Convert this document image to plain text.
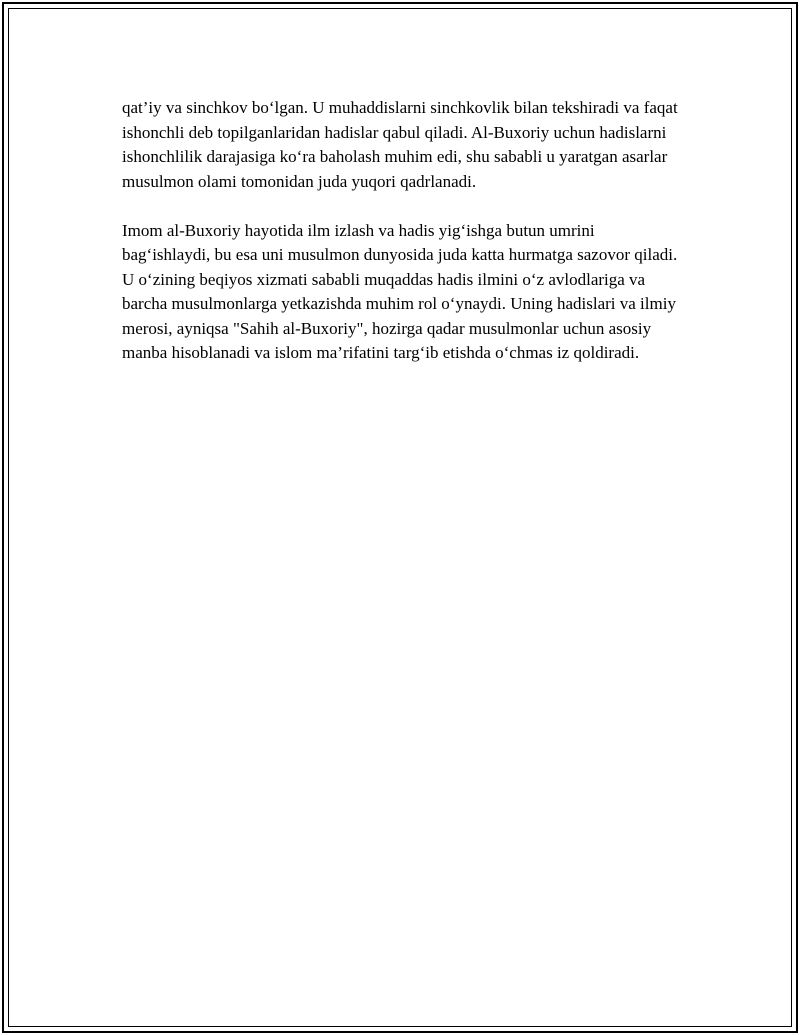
qat’iy va sinchkov bo‘lgan. U muhaddislarni sinchkovlik bilan tekshiradi va faqat ishonchli deb topilganlaridan hadislar qabul qiladi. Al-Buxoriy uchun hadislarni ishonchlilik darajasiga ko‘ra baholash muhim edi, shu sababli u yaratgan asarlar musulmon olami tomonidan juda yuqori qadrlanadi.

Imom al-Buxoriy hayotida ilm izlash va hadis yig‘ishga butun umrini bag‘ishlaydi, bu esa uni musulmon dunyosida juda katta hurmatga sazovor qiladi. U o‘zining beqiyos xizmati sababli muqaddas hadis ilmini o‘z avlodlariga va barcha musulmonlarga yetkazishda muhim rol o‘ynaydi. Uning hadislari va ilmiy merosi, ayniqsa "Sahih al-Buxoriy", hozirga qadar musulmonlar uchun asosiy manba hisoblanadi va islom ma’rifatini targ‘ib etishda o‘chmas iz qoldiradi.
